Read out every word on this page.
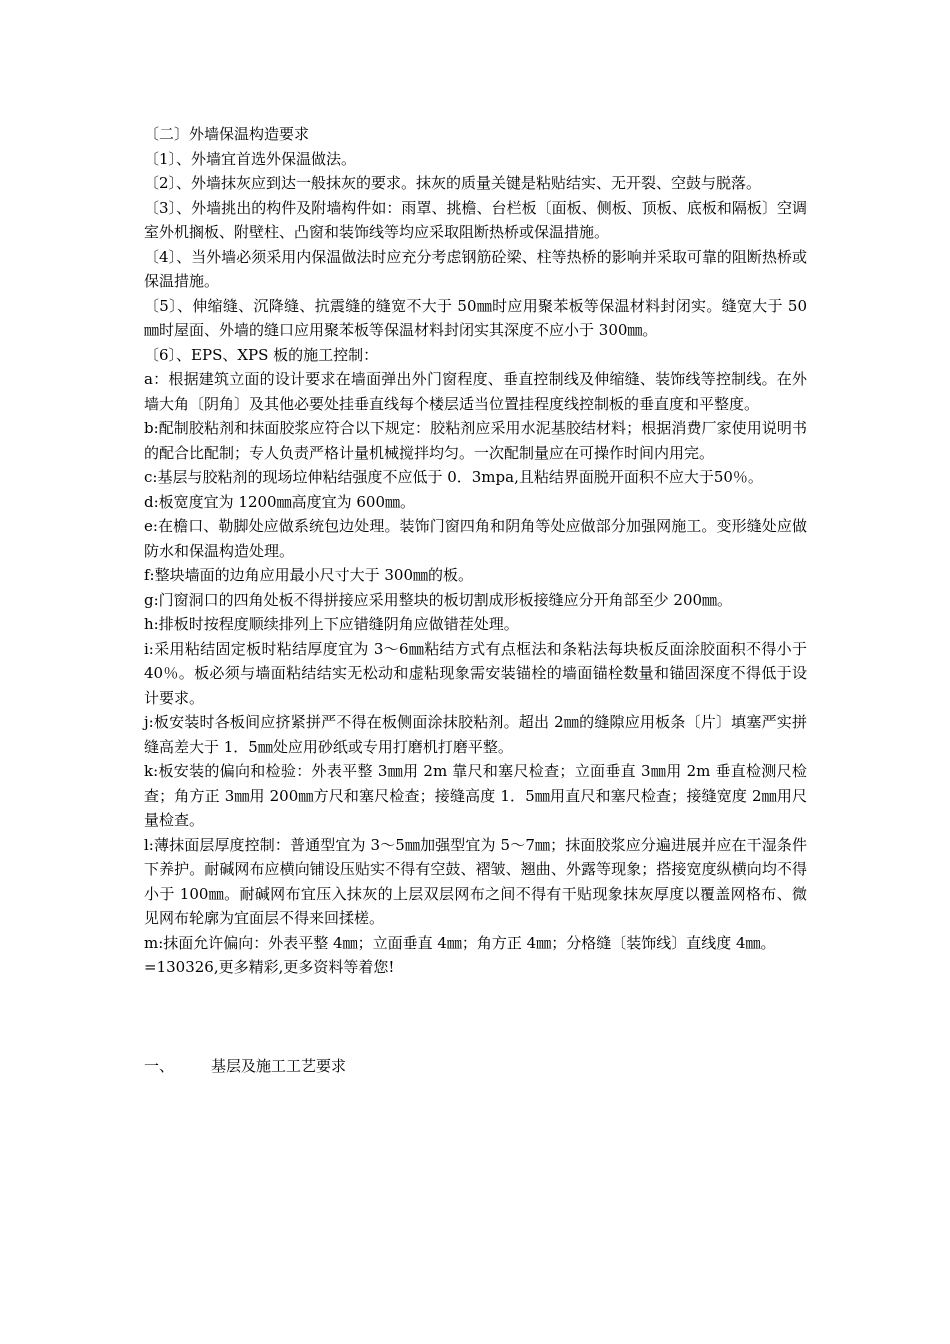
〔二〕外墙保温构造要求

〔1〕、外墙宜首选外保温做法。

〔2〕、外墙抹灰应到达一般抹灰的要求。抹灰的质量关键是粘贴结实、无开裂、空鼓与脱落。

〔3〕、外墙挑出的构件及附墙构件如：雨罩、挑檐、台栏板〔面板、侧板、顶板、底板和隔板〕空调室外机搁板、附壁柱、凸窗和装饰线等均应采取阻断热桥或保温措施。

〔4〕、当外墙必须采用内保温做法时应充分考虑钢筋砼梁、柱等热桥的影响并采取可靠的阻断热桥或保温措施。

〔5〕、伸缩缝、沉降缝、抗震缝的缝宽不大于 50㎜时应用聚苯板等保温材料封闭实。缝宽大于 50㎜时屋面、外墙的缝口应用聚苯板等保温材料封闭实其深度不应小于 300㎜。

〔6〕、EPS、XPS 板的施工控制：

a：根据建筑立面的设计要求在墙面弹出外门窗程度、垂直控制线及伸缩缝、装饰线等控制线。在外墙大角〔阴角〕及其他必要处挂垂直线每个楼层适当位置挂程度线控制板的垂直度和平整度。

b:配制胶粘剂和抹面胶浆应符合以下规定：胶粘剂应采用水泥基胶结材料；根据消费厂家使用说明书的配合比配制；专人负责严格计量机械搅拌均匀。一次配制量应在可操作时间内用完。

c:基层与胶粘剂的现场垃伸粘结强度不应低于 0．3mpa,且粘结界面脱开面积不应大于50％。

d:板宽度宜为 1200㎜高度宜为 600㎜。

e:在檐口、勒脚处应做系统包边处理。装饰门窗四角和阴角等处应做部分加强网施工。变形缝处应做防水和保温构造处理。

f:整块墙面的边角应用最小尺寸大于 300㎜的板。

g:门窗洞口的四角处板不得拼接应采用整块的板切割成形板接缝应分开角部至少 200㎜。

h:排板时按程度顺续排列上下应错缝阴角应做错茬处理。

i:采用粘结固定板时粘结厚度宜为 3～6㎜粘结方式有点框法和条粘法每块板反面涂胶面积不得小于 40％。板必须与墙面粘结结实无松动和虚粘现象需安装锚栓的墙面锚栓数量和锚固深度不得低于设计要求。

j:板安装时各板间应挤紧拼严不得在板侧面涂抹胶粘剂。超出 2㎜的缝隙应用板条〔片〕填塞严实拼缝高差大于 1．5㎜处应用砂纸或专用打磨机打磨平整。

k:板安装的偏向和检验：外表平整 3㎜用 2m 靠尺和塞尺检查；立面垂直 3㎜用 2m 垂直检测尺检查；角方正 3㎜用 200㎜方尺和塞尺检查；接缝高度 1．5㎜用直尺和塞尺检查；接缝宽度 2㎜用尺量检查。

l:薄抹面层厚度控制：普通型宜为 3～5㎜加强型宜为 5～7㎜；抹面胶浆应分遍进展并应在干湿条件下养护。耐碱网布应横向铺设压贴实不得有空鼓、褶皱、翘曲、外露等现象；搭接宽度纵横向均不得小于 100㎜。耐碱网布宜压入抹灰的上层双层网布之间不得有干贴现象抹灰厚度以覆盖网格布、微见网布轮廓为宜面层不得来回揉槎。

m:抹面允许偏向：外表平整 4㎜；立面垂直 4㎜；角方正 4㎜；分格缝〔装饰线〕直线度 4㎜。

=130326,更多精彩,更多资料等着您!

一、	基层及施工工艺要求
